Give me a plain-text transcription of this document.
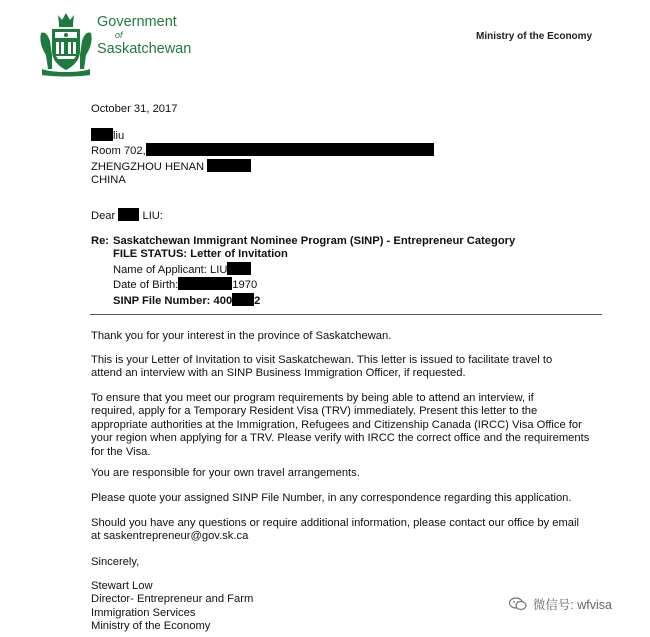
Government
of
Saskatchewan
Ministry of the Economy
October 31, 2017
liu
Room 702,
ZHENGZHOU HENAN
CHINA
Dear LIU:
Re: Saskatchewan Immigrant Nominee Program (SINP) - Entrepreneur Category
FILE STATUS: Letter of Invitation
Name of Applicant: LIU
Date of Birth:	1970
SINP File Number: 400 2
Thank you for your interest in the province of Saskatchewan.
This is your Letter of Invitation to visit Saskatchewan. This letter is issued to facilitate travel to
attend an interview with an SINP Business Immigration Officer, if requested.
To ensure that you meet our program requirements by being able to attend an interview, if
required, apply for a Temporary Resident Visa (TRV) immediately. Present this letter to the
appropriate authorities at the Immigration, Refugees and Citizenship Canada (IRCC) Visa Office for
your region when applying for a TRV. Please verify with IRCC the correct office and the requirements
for the Visa.
You are responsible for your own travel arrangements.
Please quote your assigned SINP File Number, in any correspondence regarding this application.
Should you have any questions or require additional information, please contact our office by email
at saskentrepreneur@gov.sk.ca
Sincerely,
Stewart Low
Director- Entrepreneur and Farm
Immigration Services
Ministry of the Economy
微信号: wfvisa
